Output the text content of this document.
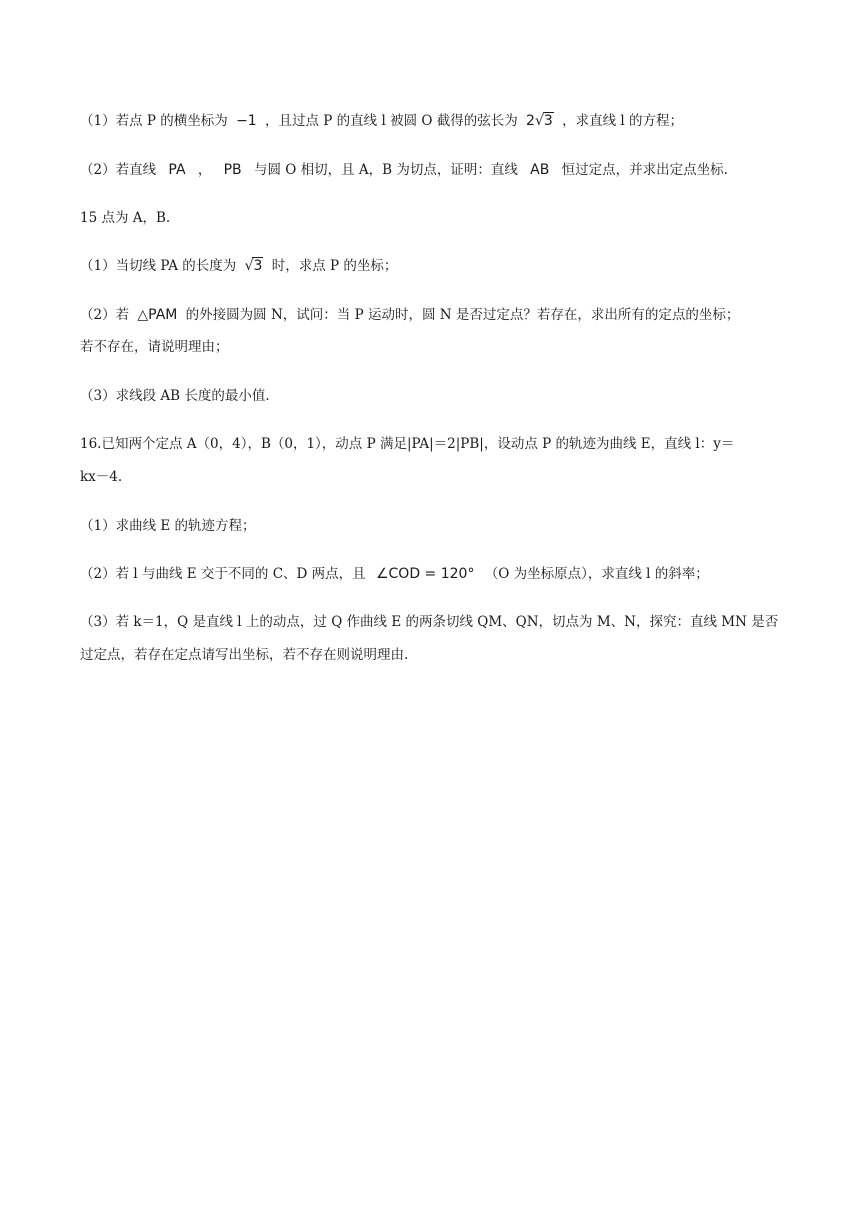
（1）若点 P 的横坐标为 −1 ，且过点 P 的直线 l 被圆 O 截得的弦长为 2√3 ，求直线 l 的方程；
（2）若直线 PA ， PB 与圆 O 相切，且 A，B 为切点，证明：直线 AB 恒过定点，并求出定点坐标.
15 点为 A，B.
（1）当切线 PA 的长度为 √3 时，求点 P 的坐标；
（2）若 △PAM 的外接圆为圆 N，试问：当 P 运动时，圆 N 是否过定点？若存在，求出所有的定点的坐标；
若不存在，请说明理由；
（3）求线段 AB 长度的最小值.
16.已知两个定点 A（0，4），B（0，1），动点 P 满足|PA|＝2|PB|，设动点 P 的轨迹为曲线 E，直线 l：y＝
kx－4.
（1）求曲线 E 的轨迹方程；
（2）若 l 与曲线 E 交于不同的 C、D 两点，且 ∠COD = 120° （O 为坐标原点），求直线 l 的斜率；
（3）若 k＝1，Q 是直线 l 上的动点，过 Q 作曲线 E 的两条切线 QM、QN，切点为 M、N，探究：直线 MN 是否
过定点，若存在定点请写出坐标，若不存在则说明理由.
